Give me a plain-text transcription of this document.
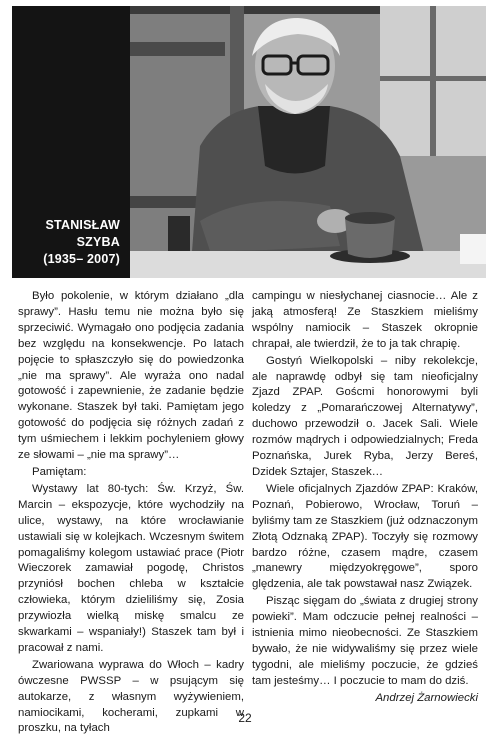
STANISŁAW
SZYBA
(1935– 2007)

Było pokolenie, w którym działano „dla sprawy”. Hasłu temu nie można było się sprzeciwić. Wymagało ono podjęcia zadania bez względu na konsekwencje. Po latach pojęcie to spłaszczyło się do powiedzonka „nie ma sprawy”. Ale wyraża ono nadal gotowość i zapewnienie, że zadanie będzie wykonane. Staszek był taki. Pamiętam jego gotowość do podjęcia się różnych zadań z tym uśmiechem i lekkim pochyleniem głowy ze słowami – „nie ma sprawy”…

Pamiętam:

Wystawy lat 80-tych: Św. Krzyż, Św. Marcin – ekspozycje, które wychodziły na ulice, wystawy, na które wrocławianie ustawiali się w kolejkach. Wczesnym świtem pomagaliśmy kolegom ustawiać prace (Piotr Wieczorek zamawiał pogodę, Christos przyniósł bochen chleba w kształcie człowieka, którym dzieliliśmy się, Zosia przywiozła wielką miskę smalcu ze skwarkami – wspaniały!) Staszek tam był i pracował z nami.

Zwariowana wyprawa do Włoch – kadry ówczesne PWSSP – w psującym się autokarze, z własnym wyżywieniem, namiocikami, kocherami, zupkami w proszku, na tyłach

campingu w niesłychanej ciasnocie… Ale z jaką atmosferą! Ze Staszkiem mieliśmy wspólny namiocik – Staszek okropnie chrapał, ale twierdził, że to ja tak chrapię.

Gostyń Wielkopolski – niby rekolekcje, ale naprawdę odbył się tam nieoficjalny Zjazd ZPAP. Goścmi honorowymi byli koledzy z „Pomarańczowej Alternatywy”, duchowo przewodził o. Jacek Sali. Wiele rozmów mądrych i odpowiedzialnych; Freda Poznańska, Jurek Ryba, Jerzy Bereś, Dzidek Sztajer, Staszek…

Wiele oficjalnych Zjazdów ZPAP: Kraków, Poznań, Pobierowo, Wrocław, Toruń – byliśmy tam ze Staszkiem (już odznaczonym Złotą Odznaką ZPAP). Toczyły się rozmowy bardzo różne, czasem mądre, czasem „manewry międzyokręgowe”, sporo ględzenia, ale tak powstawał nasz Związek.

Pisząc sięgam do „świata z drugiej strony powieki”. Mam odczucie pełnej realności – istnienia mimo nieobecności. Ze Staszkiem bywało, że nie widywaliśmy się przez wiele tygodni, ale mieliśmy poczucie, że gdzieś tam jesteśmy… I poczucie to mam do dziś.

Andrzej Żarnowiecki
22
